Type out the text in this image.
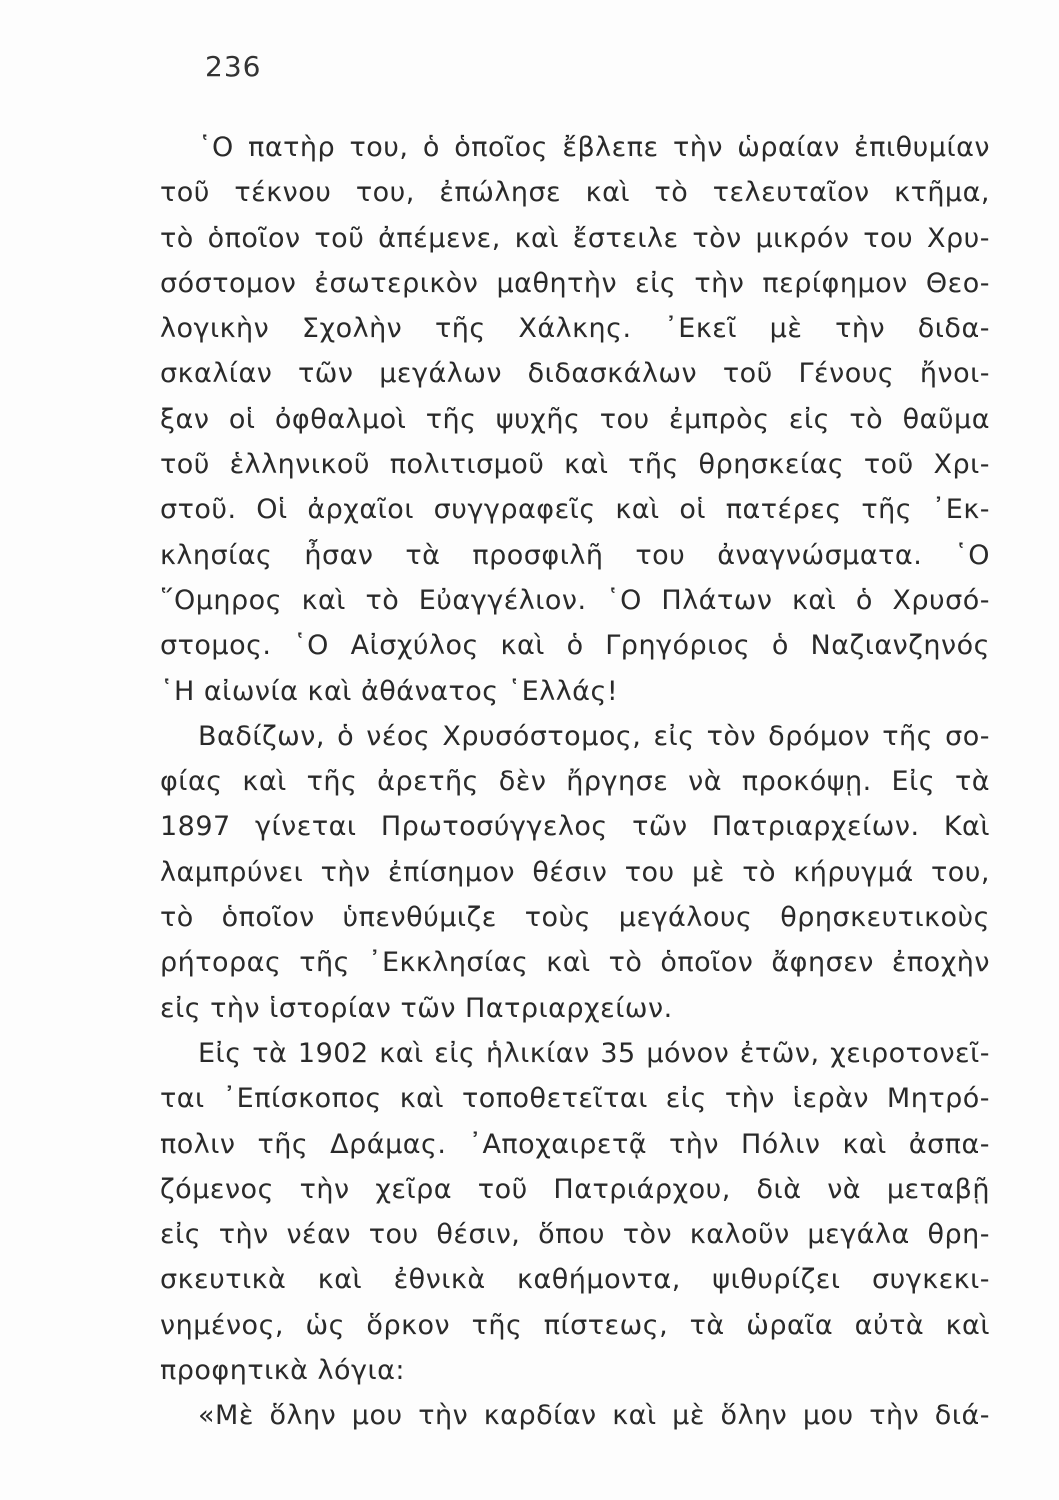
236
῾Ο πατὴρ του, ὁ ὁποῖος ἔβλεπε τὴν ὡραίαν ἐπιθυμίαν
τοῦ τέκνου του, ἐπώλησε καὶ τὸ τελευταῖον κτῆμα,
τὸ ὁποῖον τοῦ ἀπέμενε, καὶ ἔστειλε τὸν μικρόν του Χρυ-
σόστομον ἐσωτερικὸν μαθητὴν εἰς τὴν περίφημον Θεο-
λογικὴν Σχολὴν τῆς Χάλκης. ᾿Εκεῖ μὲ τὴν διδα-
σκαλίαν τῶν μεγάλων διδασκάλων τοῦ Γένους ἤνοι-
ξαν οἱ ὀφθαλμοὶ τῆς ψυχῆς του ἐμπρὸς εἰς τὸ θαῦμα
τοῦ ἑλληνικοῦ πολιτισμοῦ καὶ τῆς θρησκείας τοῦ Χρι-
στοῦ. Οἱ ἀρχαῖοι συγγραφεῖς καὶ οἱ πατέρες τῆς ᾿Εκ-
κλησίας ἦσαν τὰ προσφιλῆ του ἀναγνώσματα. ῾Ο
῞Ομηρος καὶ τὸ Εὐαγγέλιον. ῾Ο Πλάτων καὶ ὁ Χρυσό-
στομος. ῾Ο Αἰσχύλος καὶ ὁ Γρηγόριος ὁ Ναζιανζηνός
῾Η αἰωνία καὶ ἀθάνατος ῾Ελλάς!
Βαδίζων, ὁ νέος Χρυσόστομος, εἰς τὸν δρόμον τῆς σο-
φίας καὶ τῆς ἀρετῆς δὲν ἤργησε νὰ προκόψῃ. Εἰς τὰ
1897 γίνεται Πρωτοσύγγελος τῶν Πατριαρχείων. Καὶ
λαμπρύνει τὴν ἐπίσημον θέσιν του μὲ τὸ κήρυγμά του,
τὸ ὁποῖον ὑπενθύμιζε τοὺς μεγάλους θρησκευτικοὺς
ρήτορας τῆς ᾿Εκκλησίας καὶ τὸ ὁποῖον ἄφησεν ἐποχὴν
εἰς τὴν ἱστορίαν τῶν Πατριαρχείων.
Εἰς τὰ 1902 καὶ εἰς ἡλικίαν 35 μόνον ἐτῶν, χειροτονεῖ-
ται ᾿Επίσκοπος καὶ τοποθετεῖται εἰς τὴν ἱερὰν Μητρό-
πολιν τῆς Δράμας. ᾿Αποχαιρετᾷ τὴν Πόλιν καὶ ἀσπα-
ζόμενος τὴν χεῖρα τοῦ Πατριάρχου, διὰ νὰ μεταβῇ
εἰς τὴν νέαν του θέσιν, ὅπου τὸν καλοῦν μεγάλα θρη-
σκευτικὰ καὶ ἐθνικὰ καθήμοντα, ψιθυρίζει συγκεκι-
νημένος, ὡς ὅρκον τῆς πίστεως, τὰ ὡραῖα αὐτὰ καὶ
προφητικὰ λόγια:
«Μὲ ὅλην μου τὴν καρδίαν καὶ μὲ ὅλην μου τὴν διά-
